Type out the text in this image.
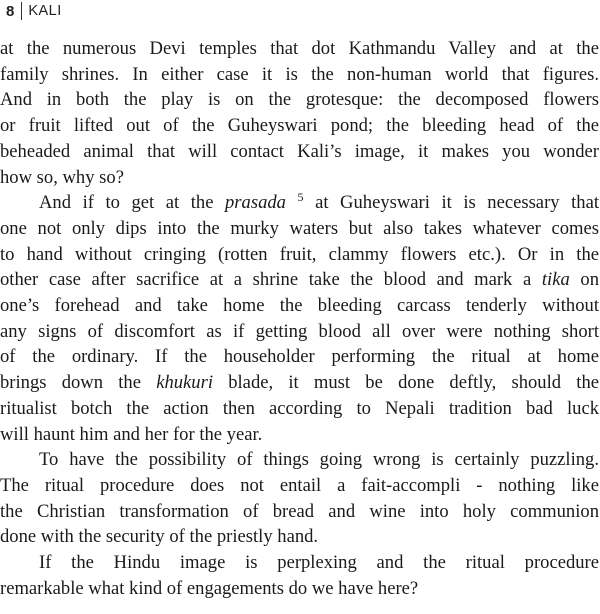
8 KALI
at the numerous Devi temples that dot Kathmandu Valley and at the
family shrines. In either case it is the non-human world that figures.
And in both the play is on the grotesque: the decomposed flowers
or fruit lifted out of the Guheyswari pond; the bleeding head of the
beheaded animal that will contact Kali’s image, it makes you wonder
how so, why so?
And if to get at the prasada $^5$ at Guheyswari it is necessary that
one not only dips into the murky waters but also takes whatever comes
to hand without cringing (rotten fruit, clammy flowers etc.). Or in the
other case after sacrifice at a shrine take the blood and mark a tika on
one’s forehead and take home the bleeding carcass tenderly without
any signs of discomfort as if getting blood all over were nothing short
of the ordinary. If the householder performing the ritual at home
brings down the khukuri blade, it must be done deftly, should the
ritualist botch the action then according to Nepali tradition bad luck
will haunt him and her for the year.
To have the possibility of things going wrong is certainly puzzling.
The ritual procedure does not entail a fait-accompli - nothing like
the Christian transformation of bread and wine into holy communion
done with the security of the priestly hand.
If the Hindu image is perplexing and the ritual procedure
remarkable what kind of engagements do we have here?
